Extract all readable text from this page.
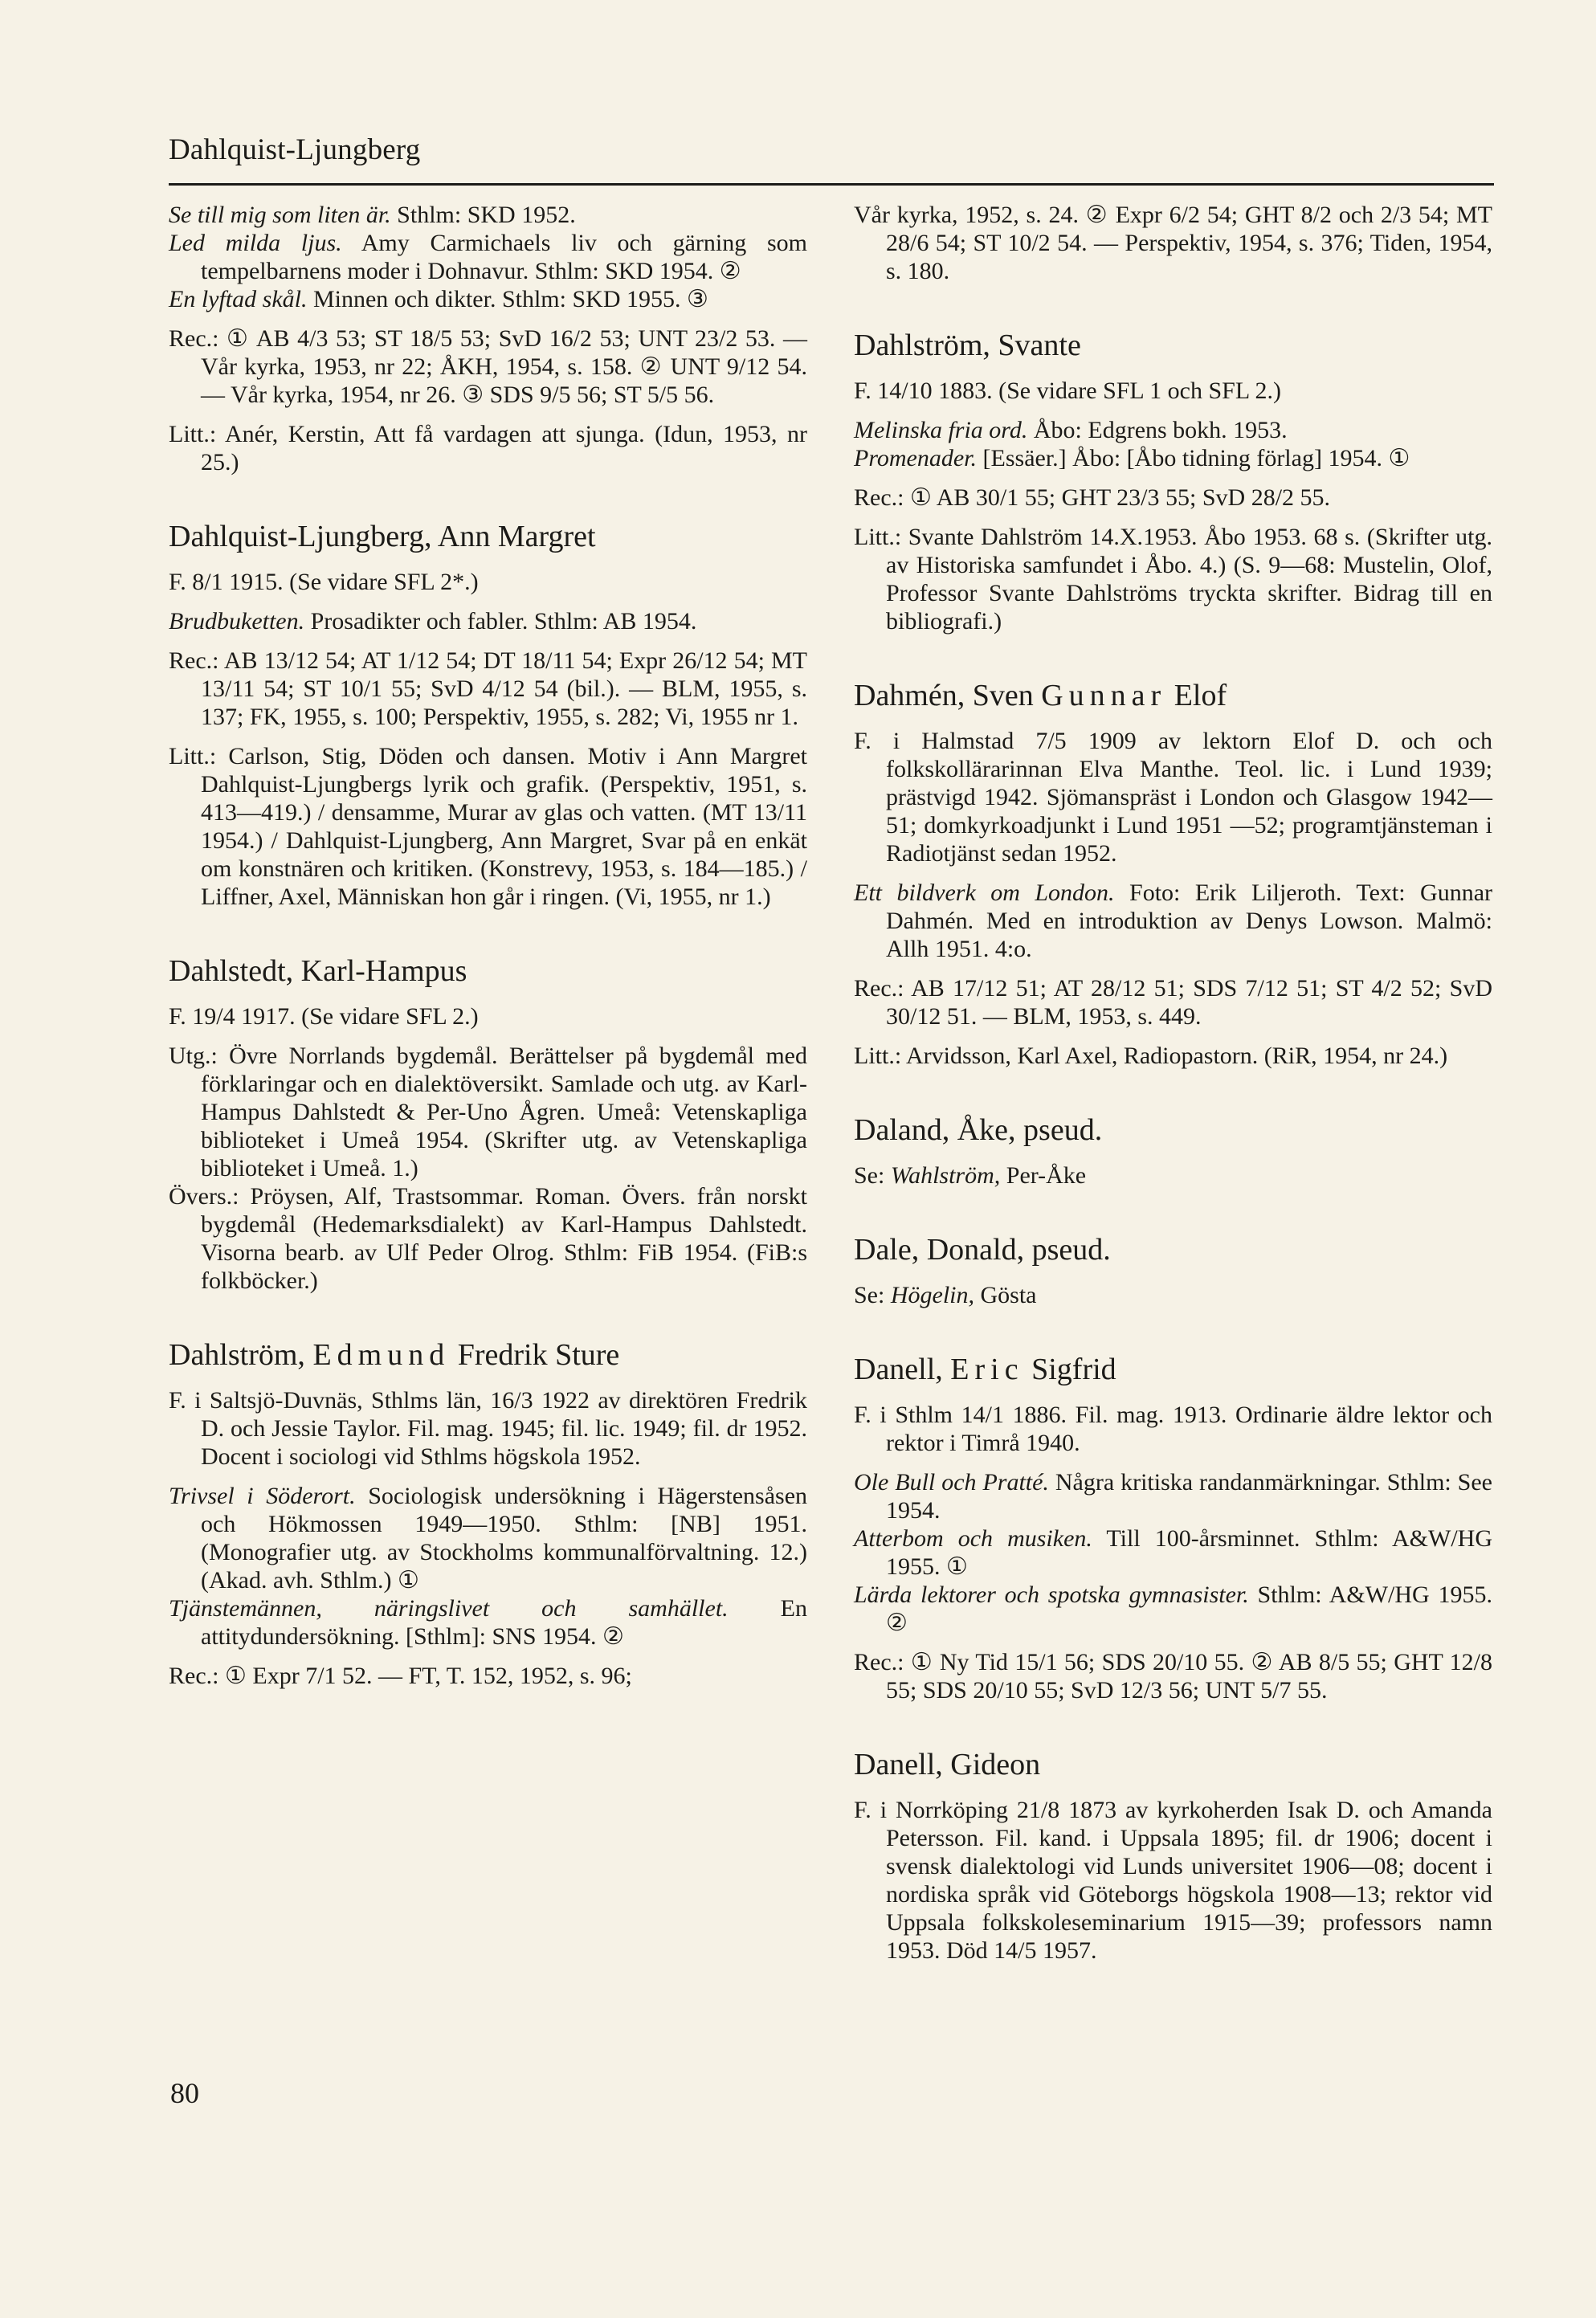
Dahlquist-Ljungberg
Se till mig som liten är. Sthlm: SKD 1952.
Led milda ljus. Amy Carmichaels liv och gärning som tempelbarnens moder i Dohnavur. Sthlm: SKD 1954. ②
En lyftad skål. Minnen och dikter. Sthlm: SKD 1955. ③
Rec.: ① AB 4/3 53; ST 18/5 53; SvD 16/2 53; UNT 23/2 53. — Vår kyrka, 1953, nr 22; ÅKH, 1954, s. 158. ② UNT 9/12 54. — Vår kyrka, 1954, nr 26. ③ SDS 9/5 56; ST 5/5 56.
Litt.: Anér, Kerstin, Att få vardagen att sjunga. (Idun, 1953, nr 25.)
Dahlquist-Ljungberg, Ann Margret
F. 8/1 1915. (Se vidare SFL 2*.)
Brudbuketten. Prosadikter och fabler. Sthlm: AB 1954.
Rec.: AB 13/12 54; AT 1/12 54; DT 18/11 54; Expr 26/12 54; MT 13/11 54; ST 10/1 55; SvD 4/12 54 (bil.). — BLM, 1955, s. 137; FK, 1955, s. 100; Perspektiv, 1955, s. 282; Vi, 1955 nr 1.
Litt.: Carlson, Stig, Döden och dansen. Motiv i Ann Margret Dahlquist-Ljungbergs lyrik och grafik. (Perspektiv, 1951, s. 413—419.) / densamme, Murar av glas och vatten. (MT 13/11 1954.) / Dahlquist-Ljungberg, Ann Margret, Svar på en enkät om konstnären och kritiken. (Konstrevy, 1953, s. 184—185.) / Liffner, Axel, Människan hon går i ringen. (Vi, 1955, nr 1.)
Dahlstedt, Karl-Hampus
F. 19/4 1917. (Se vidare SFL 2.)
Utg.: Övre Norrlands bygdemål. Berättelser på bygdemål med förklaringar och en dialektöversikt. Samlade och utg. av Karl-Hampus Dahlstedt & Per-Uno Ågren. Umeå: Vetenskapliga biblioteket i Umeå 1954. (Skrifter utg. av Vetenskapliga biblioteket i Umeå. 1.)
Övers.: Pröysen, Alf, Trastsommar. Roman. Övers. från norskt bygdemål (Hedemarksdialekt) av Karl-Hampus Dahlstedt. Visorna bearb. av Ulf Peder Olrog. Sthlm: FiB 1954. (FiB:s folkböcker.)
Dahlström, Edmund Fredrik Sture
F. i Saltsjö-Duvnäs, Sthlms län, 16/3 1922 av direktören Fredrik D. och Jessie Taylor. Fil. mag. 1945; fil. lic. 1949; fil. dr 1952. Docent i sociologi vid Sthlms högskola 1952.
Trivsel i Söderort. Sociologisk undersökning i Hägerstensåsen och Hökmossen 1949—1950. Sthlm: [NB] 1951. (Monografier utg. av Stockholms kommunalförvaltning. 12.) (Akad. avh. Sthlm.) ①
Tjänstemännen, näringslivet och samhället. En attitydundersökning. [Sthlm]: SNS 1954. ②
Rec.: ① Expr 7/1 52. — FT, T. 152, 1952, s. 96;
Vår kyrka, 1952, s. 24. ② Expr 6/2 54; GHT 8/2 och 2/3 54; MT 28/6 54; ST 10/2 54. — Perspektiv, 1954, s. 376; Tiden, 1954, s. 180.
Dahlström, Svante
F. 14/10 1883. (Se vidare SFL 1 och SFL 2.)
Melinska fria ord. Åbo: Edgrens bokh. 1953.
Promenader. [Essäer.] Åbo: [Åbo tidning förlag] 1954. ①
Rec.: ① AB 30/1 55; GHT 23/3 55; SvD 28/2 55.
Litt.: Svante Dahlström 14.X.1953. Åbo 1953. 68 s. (Skrifter utg. av Historiska samfundet i Åbo. 4.) (S. 9—68: Mustelin, Olof, Professor Svante Dahlströms tryckta skrifter. Bidrag till en bibliografi.)
Dahmén, Sven Gunnar Elof
F. i Halmstad 7/5 1909 av lektorn Elof D. och och folkskollärarinnan Elva Manthe. Teol. lic. i Lund 1939; prästvigd 1942. Sjömanspräst i London och Glasgow 1942—51; domkyrkoadjunkt i Lund 1951 —52; programtjänsteman i Radiotjänst sedan 1952.
Ett bildverk om London. Foto: Erik Liljeroth. Text: Gunnar Dahmén. Med en introduktion av Denys Lowson. Malmö: Allh 1951. 4:o.
Rec.: AB 17/12 51; AT 28/12 51; SDS 7/12 51; ST 4/2 52; SvD 30/12 51. — BLM, 1953, s. 449.
Litt.: Arvidsson, Karl Axel, Radiopastorn. (RiR, 1954, nr 24.)
Daland, Åke, pseud.
Se: Wahlström, Per-Åke
Dale, Donald, pseud.
Se: Högelin, Gösta
Danell, Eric Sigfrid
F. i Sthlm 14/1 1886. Fil. mag. 1913. Ordinarie äldre lektor och rektor i Timrå 1940.
Ole Bull och Pratté. Några kritiska randanmärkningar. Sthlm: See 1954.
Atterbom och musiken. Till 100-årsminnet. Sthlm: A&W/HG 1955. ①
Lärda lektorer och spotska gymnasister. Sthlm: A&W/HG 1955. ②
Rec.: ① Ny Tid 15/1 56; SDS 20/10 55. ② AB 8/5 55; GHT 12/8 55; SDS 20/10 55; SvD 12/3 56; UNT 5/7 55.
Danell, Gideon
F. i Norrköping 21/8 1873 av kyrkoherden Isak D. och Amanda Petersson. Fil. kand. i Uppsala 1895; fil. dr 1906; docent i svensk dialektologi vid Lunds universitet 1906—08; docent i nordiska språk vid Göteborgs högskola 1908—13; rektor vid Uppsala folkskoleseminarium 1915—39; professors namn 1953. Död 14/5 1957.
80
